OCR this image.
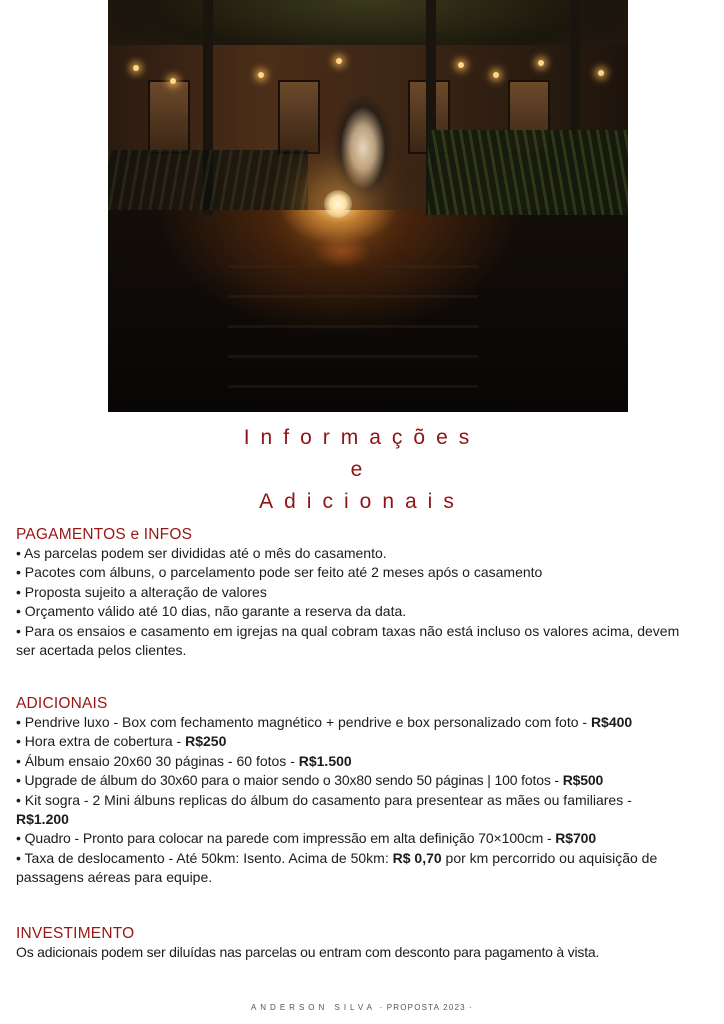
Informações
e
Adicionais
PAGAMENTOS e INFOS
• As parcelas podem ser divididas até o mês do casamento.
• Pacotes com álbuns, o parcelamento pode ser feito até 2 meses após o casamento
• Proposta sujeito a alteração de valores
• Orçamento válido até 10 dias, não garante a reserva da data.
• Para os ensaios e casamento em igrejas na qual cobram taxas não está incluso os valores acima, devem ser acertada pelos clientes.
ADICIONAIS
• Pendrive luxo - Box com fechamento magnético + pendrive e box personalizado com foto - R$400
• Hora extra de cobertura - R$250
• Álbum ensaio 20x60 30 páginas - 60 fotos - R$1.500
• Upgrade de álbum do 30x60 para o maior sendo o 30x80 sendo 50 páginas | 100 fotos - R$500
• Kit sogra - 2 Mini álbuns replicas do álbum do casamento para presentear as mães ou familiares - R$1.200
• Quadro - Pronto para colocar na parede com impressão em alta definição 70×100cm - R$700
• Taxa de deslocamento - Até 50km: Isento. Acima de 50km: R$ 0,70 por km percorrido ou aquisição de passagens aéreas para equipe.
INVESTIMENTO
Os adicionais podem ser diluídas nas parcelas ou entram com desconto para pagamento à vista.
ANDERSON SILVA · PROPOSTA 2023 ·
